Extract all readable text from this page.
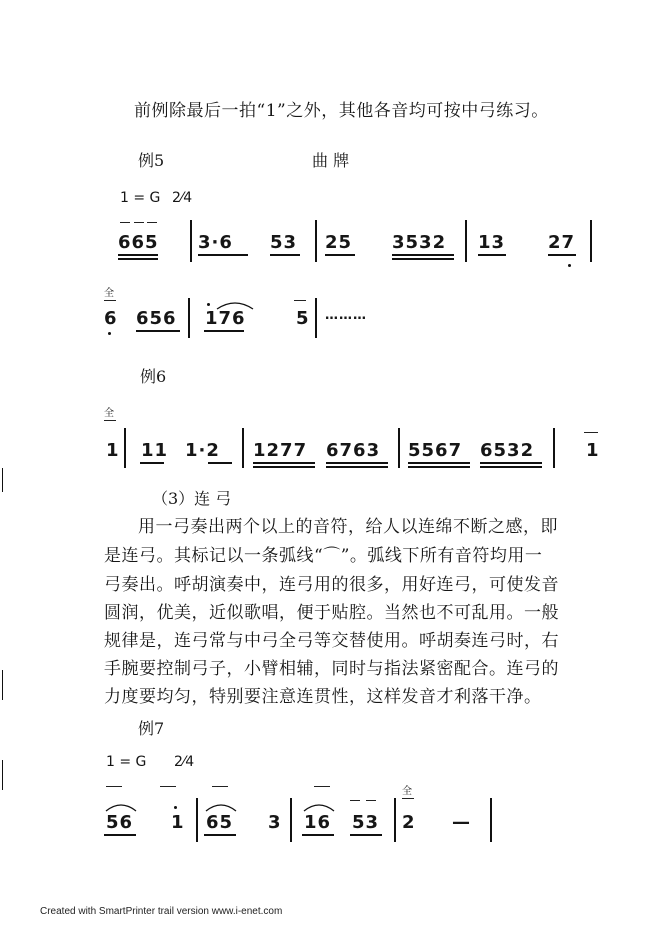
前例除最后一拍“1”之外，其他各音均可按中弓练习。
例5	曲 牌
1 = G 2⁄4
665 3·6 53 25 3532 13 27
全
6 656 176	5 ………
例6
全
1 11 1·2 1277 6763 5567 6532	1
（3）连 弓
用一弓奏出两个以上的音符，给人以连绵不断之感，即
是连弓。其标记以一条弧线“⌒”。弧线下所有音符均用一
弓奏出。呼胡演奏中，连弓用的很多，用好连弓，可使发音
圆润，优美，近似歌唱，便于贴腔。当然也不可乱用。一般
规律是，连弓常与中弓全弓等交替使用。呼胡奏连弓时，右
手腕要控制弓子，小臂相辅，同时与指法紧密配合。连弓的
力度要均匀，特别要注意连贯性，这样发音才利落干净。
例7
1 = G 2⁄4
全
56 1 65 3 16 53 2 —
Created with SmartPrinter trail version www.i-enet.com
